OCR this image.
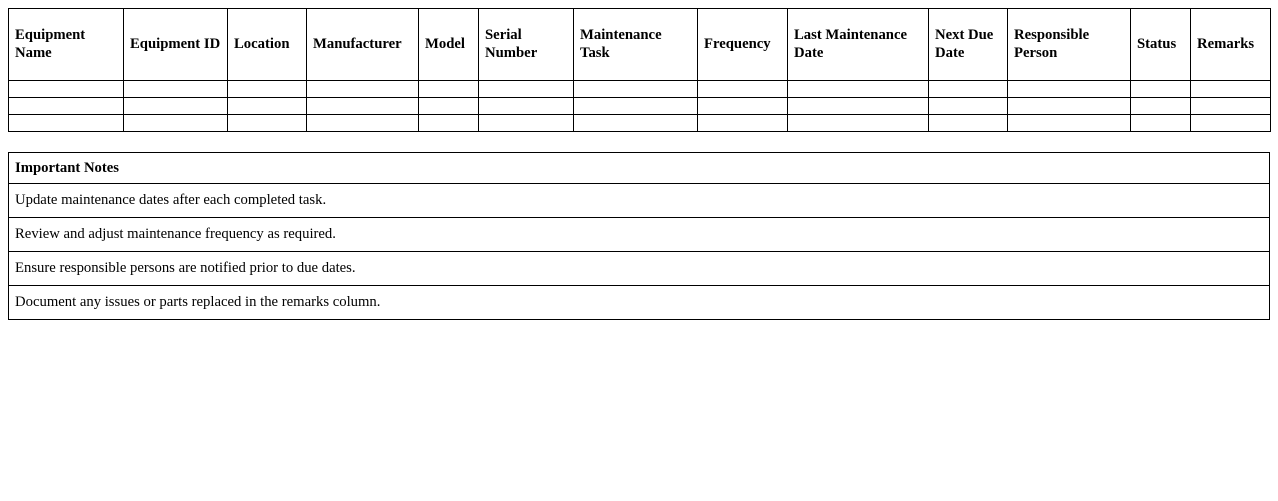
Equipment Name	Equipment ID	Location	Manufacturer	Model	Serial Number	Maintenance Task	Frequency	Last Maintenance Date	Next Due Date	Responsible Person	Status	Remarks

Important Notes
Update maintenance dates after each completed task.
Review and adjust maintenance frequency as required.
Ensure responsible persons are notified prior to due dates.
Document any issues or parts replaced in the remarks column.
